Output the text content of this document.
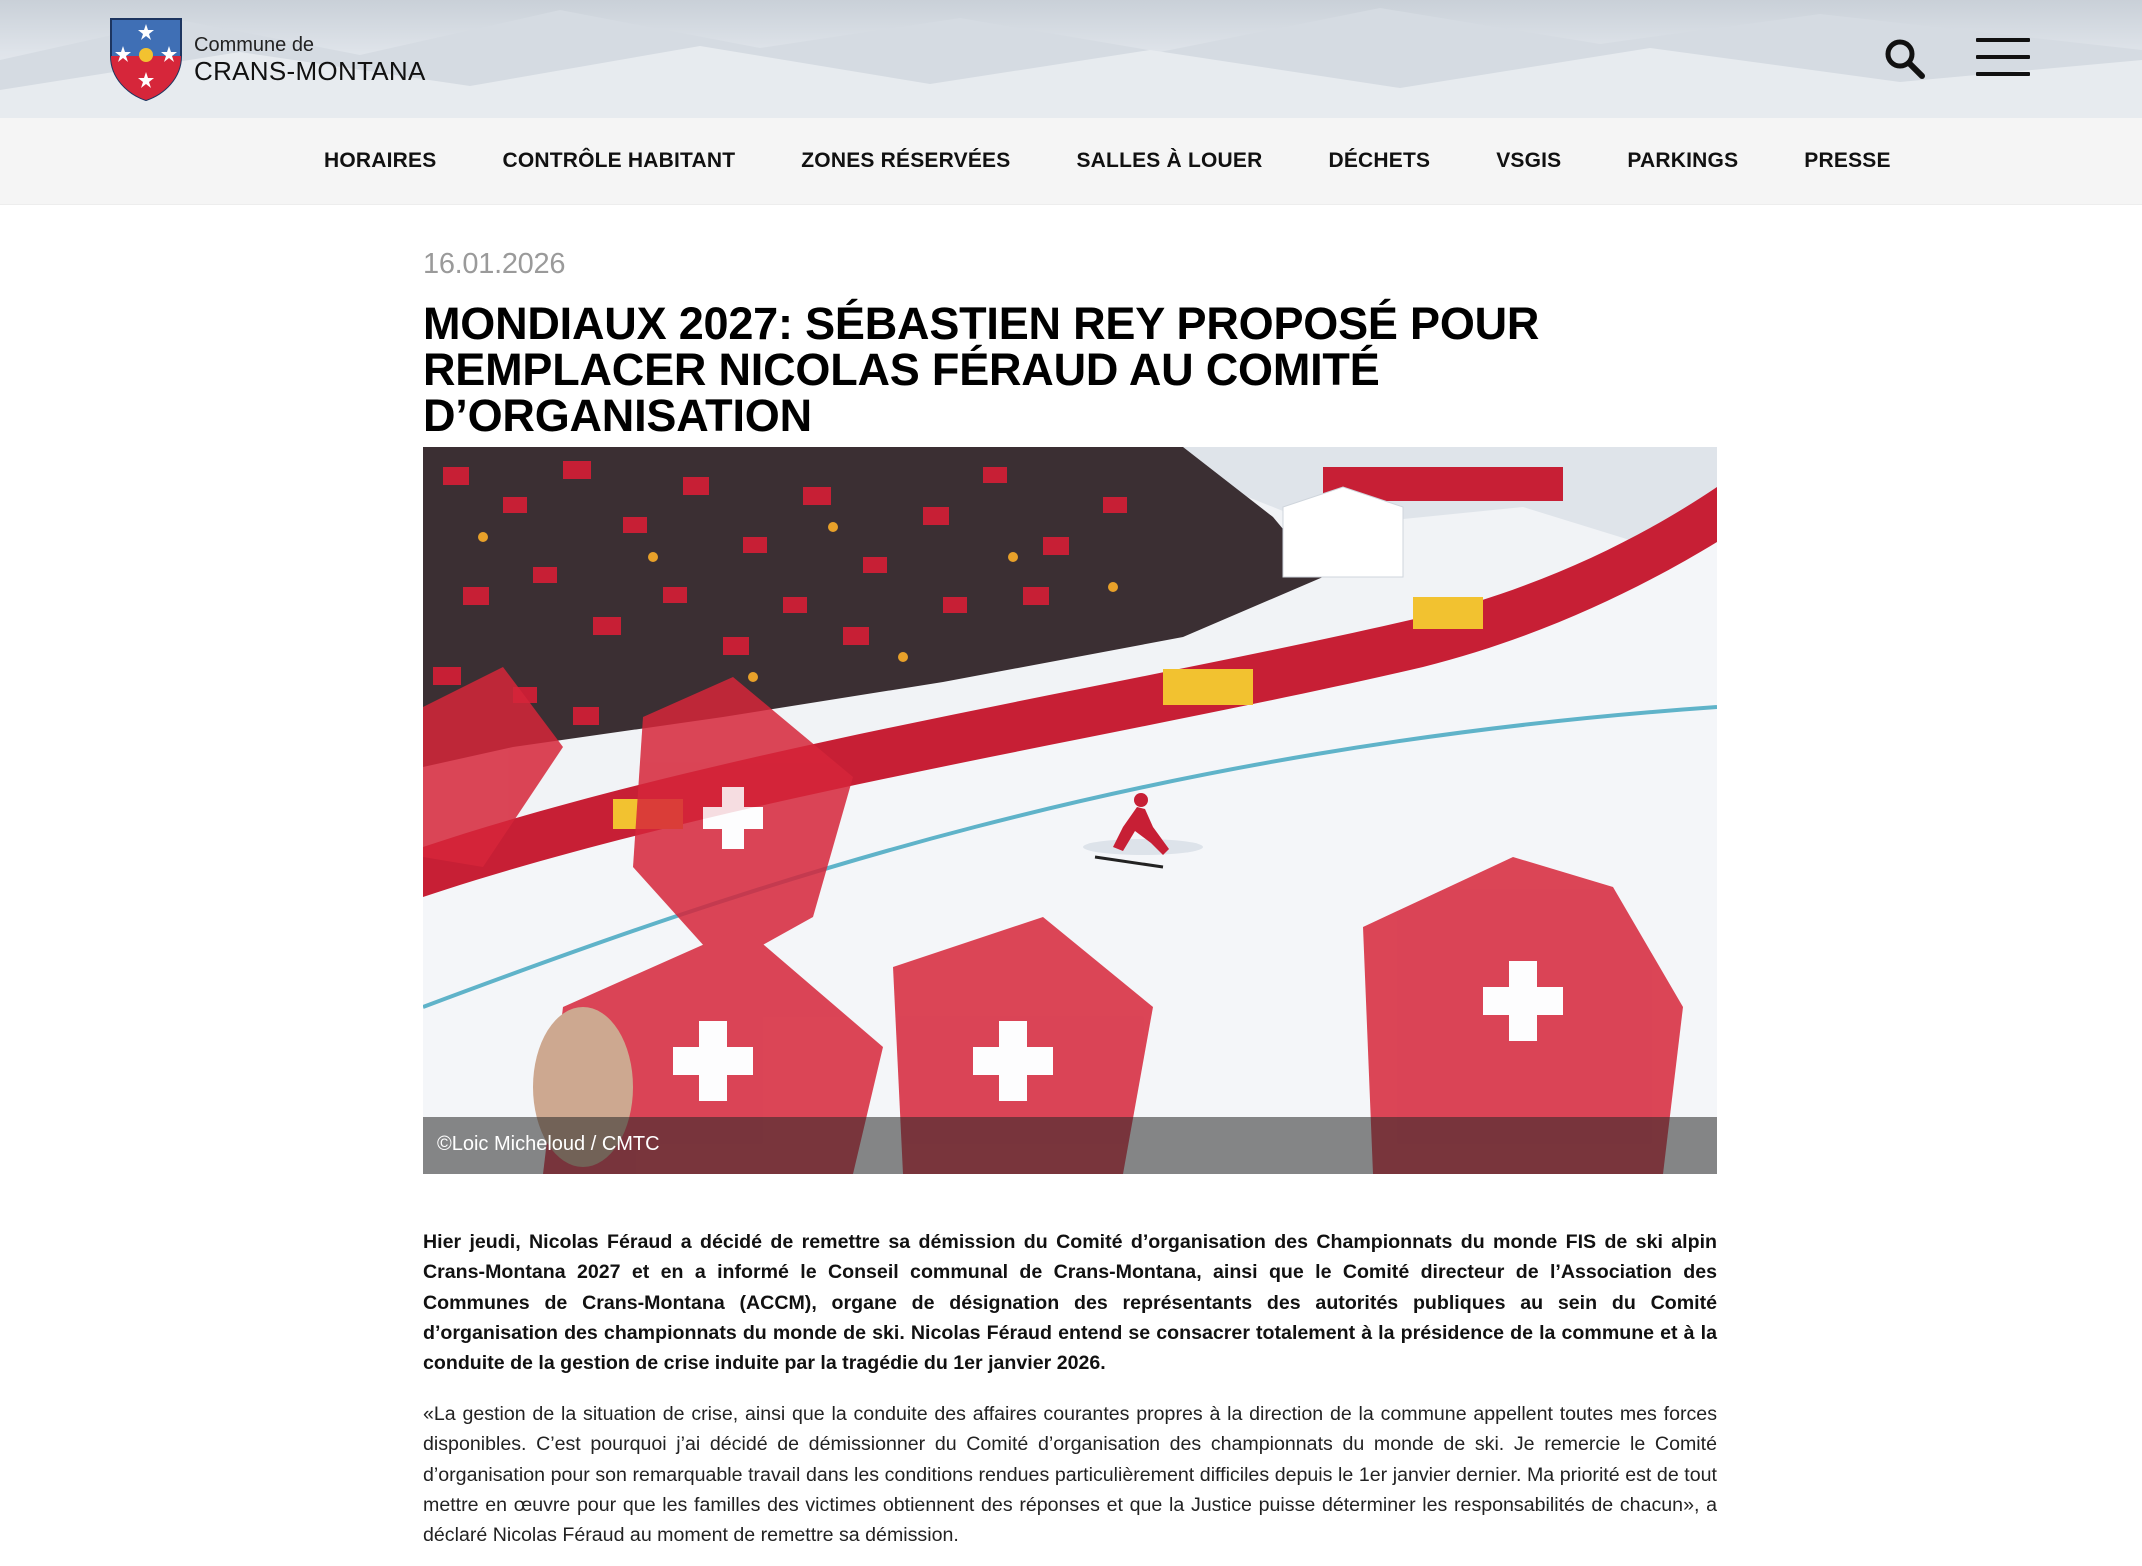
Commune de
CRANS-MONTANA
HORAIRES	CONTRÔLE HABITANT	ZONES RÉSERVÉES	SALLES À LOUER	DÉCHETS	VSGIS	PARKINGS	PRESSE

16.01.2026

MONDIAUX 2027: SÉBASTIEN REY PROPOSÉ POUR REMPLACER NICOLAS FÉRAUD AU COMITÉ D’ORGANISATION
©Loic Micheloud / CMTC

Hier jeudi, Nicolas Féraud a décidé de remettre sa démission du Comité d’organisation des Championnats du monde FIS de ski alpin Crans-Montana 2027 et en a informé le Conseil communal de Crans-Montana, ainsi que le Comité directeur de l’Association des Communes de Crans-Montana (ACCM), organe de désignation des représentants des autorités publiques au sein du Comité d’organisation des championnats du monde de ski. Nicolas Féraud entend se consacrer totalement à la présidence de la commune et à la conduite de la gestion de crise induite par la tragédie du 1er janvier 2026.

«La gestion de la situation de crise, ainsi que la conduite des affaires courantes propres à la direction de la commune appellent toutes mes forces disponibles. C’est pourquoi j’ai décidé de démissionner du Comité d’organisation des championnats du monde de ski. Je remercie le Comité d’organisation pour son remarquable travail dans les conditions rendues particulièrement difficiles depuis le 1er janvier dernier. Ma priorité est de tout mettre en œuvre pour que les familles des victimes obtiennent des réponses et que la Justice puisse déterminer les responsabilités de chacun», a déclaré Nicolas Féraud au moment de remettre sa démission.
